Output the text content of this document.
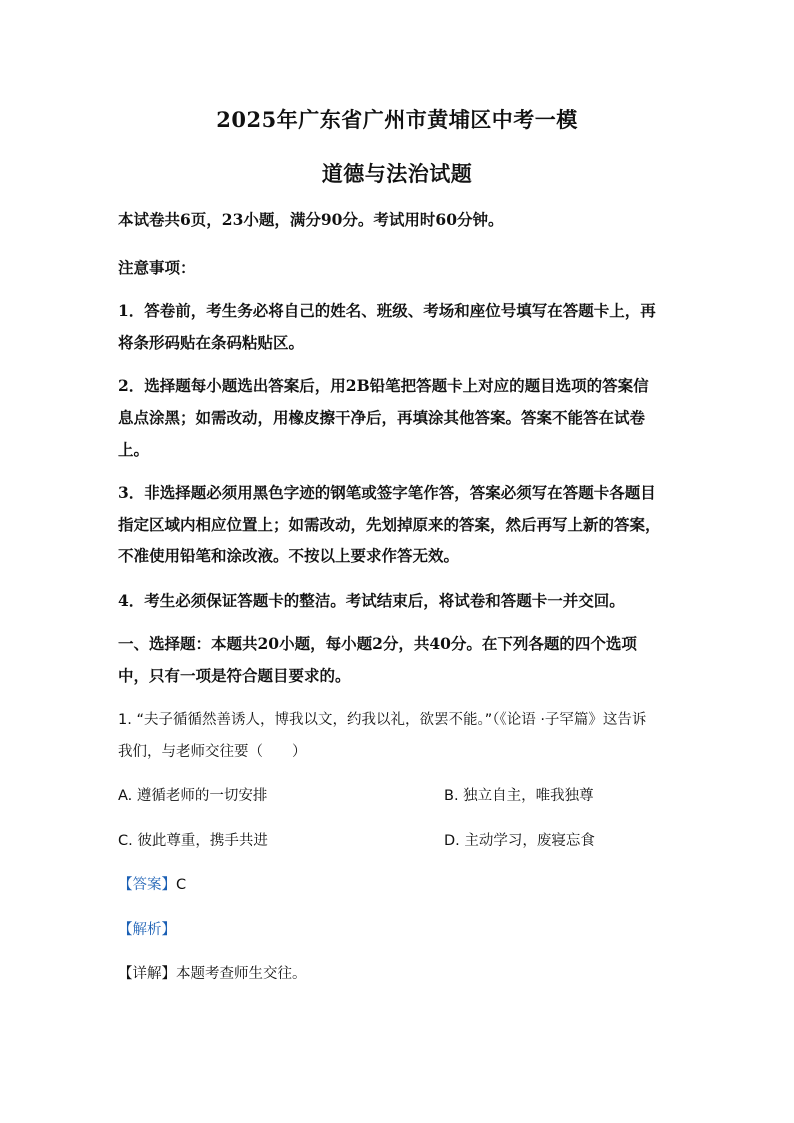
2025年广东省广州市黄埔区中考一模
道德与法治试题
本试卷共6页，23小题，满分90分。考试用时60分钟。
注意事项：
1．答卷前，考生务必将自己的姓名、班级、考场和座位号填写在答题卡上，再
将条形码贴在条码粘贴区。
2．选择题每小题选出答案后，用2B铅笔把答题卡上对应的题目选项的答案信
息点涂黑；如需改动，用橡皮擦干净后，再填涂其他答案。答案不能答在试卷
上。
3．非选择题必须用黑色字迹的钢笔或签字笔作答，答案必须写在答题卡各题目
指定区域内相应位置上；如需改动，先划掉原来的答案，然后再写上新的答案，
不准使用铅笔和涂改液。不按以上要求作答无效。
4．考生必须保证答题卡的整洁。考试结束后，将试卷和答题卡一并交回。
一、选择题：本题共20小题，每小题2分，共40分。在下列各题的四个选项
中，只有一项是符合题目要求的。
1. “夫子循循然善诱人，博我以文，约我以礼，欲罢不能。”（《论语 ·子罕篇》这告诉
我们，与老师交往要（　　）
A. 遵循老师的一切安排	B. 独立自主，唯我独尊
C. 彼此尊重，携手共进	D. 主动学习，废寝忘食
【答案】C
【解析】
【详解】本题考查师生交往。
